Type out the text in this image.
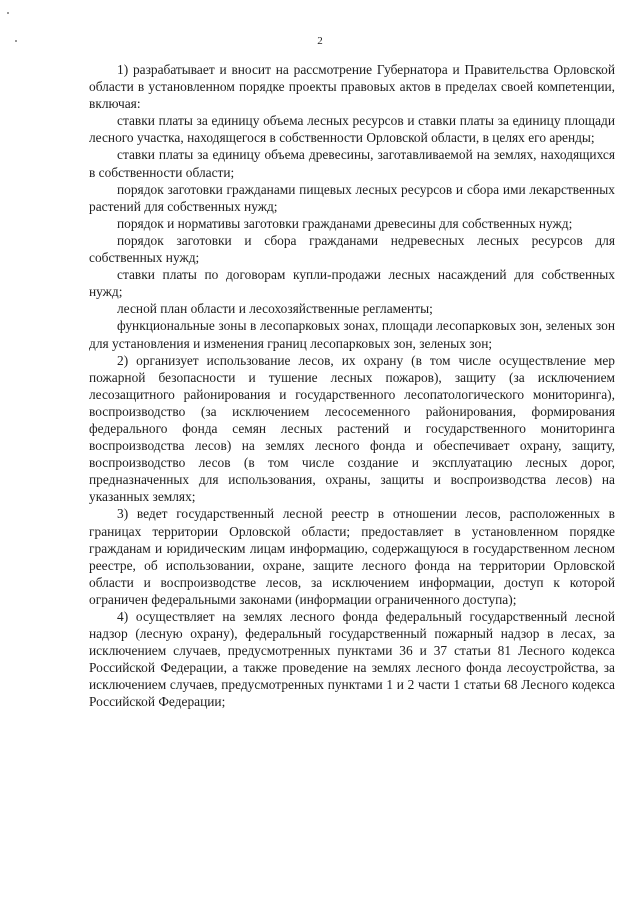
2

1) разрабатывает и вносит на рассмотрение Губернатора и Правительства Орловской области в установленном порядке проекты правовых актов в пределах своей компетенции, включая:

ставки платы за единицу объема лесных ресурсов и ставки платы за единицу площади лесного участка, находящегося в собственности Орловской области, в целях его аренды;

ставки платы за единицу объема древесины, заготавливаемой на землях, находящихся в собственности области;

порядок заготовки гражданами пищевых лесных ресурсов и сбора ими лекарственных растений для собственных нужд;

порядок и нормативы заготовки гражданами древесины для собственных нужд;

порядок заготовки и сбора гражданами недревесных лесных ресурсов для собственных нужд;

ставки платы по договорам купли-продажи лесных насаждений для собственных нужд;

лесной план области и лесохозяйственные регламенты;

функциональные зоны в лесопарковых зонах, площади лесопарковых зон, зеленых зон для установления и изменения границ лесопарковых зон, зеленых зон;

2) организует использование лесов, их охрану (в том числе осуществление мер пожарной безопасности и тушение лесных пожаров), защиту (за исключением лесозащитного районирования и государственного лесопатологического мониторинга), воспроизводство (за исключением лесосеменного районирования, формирования федерального фонда семян лесных растений и государственного мониторинга воспроизводства лесов) на землях лесного фонда и обеспечивает охрану, защиту, воспроизводство лесов (в том числе создание и эксплуатацию лесных дорог, предназначенных для использования, охраны, защиты и воспроизводства лесов) на указанных землях;

3) ведет государственный лесной реестр в отношении лесов, расположенных в границах территории Орловской области; предоставляет в установленном порядке гражданам и юридическим лицам информацию, содержащуюся в государственном лесном реестре, об использовании, охране, защите лесного фонда на территории Орловской области и воспроизводстве лесов, за исключением информации, доступ к которой ограничен федеральными законами (информации ограниченного доступа);

4) осуществляет на землях лесного фонда федеральный государственный лесной надзор (лесную охрану), федеральный государственный пожарный надзор в лесах, за исключением случаев, предусмотренных пунктами 36 и 37 статьи 81 Лесного кодекса Российской Федерации, а также проведение на землях лесного фонда лесоустройства, за исключением случаев, предусмотренных пунктами 1 и 2 части 1 статьи 68 Лесного кодекса Российской Федерации;
